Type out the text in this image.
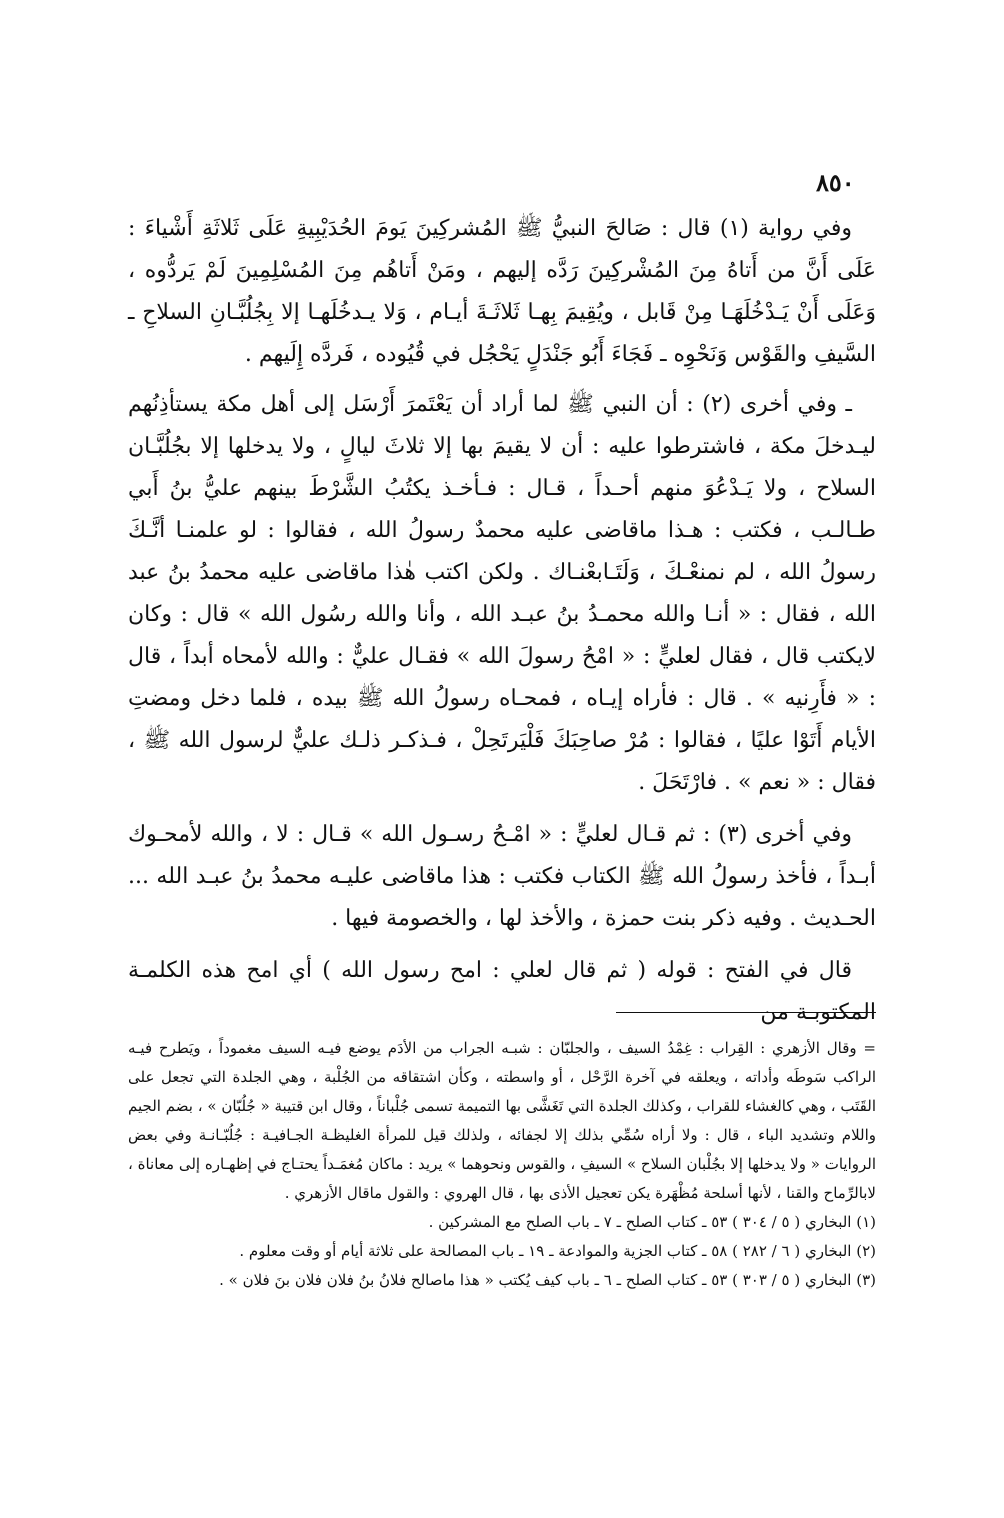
٨٥٠

وفي رواية (١) قال : صَالحَ النبيُّ ﷺ المُشركِينَ يَومَ الحُدَيْبِيةِ عَلَى ثَلاثَةِ أَشْياءَ : عَلَى أَنَّ من أَتاهُ مِنَ المُشْركِينَ رَدَّه إليهم ، ومَنْ أَتاهُم مِنَ المُسْلِمِينَ لَمْ يَردُّوه ، وَعَلَى أَنْ يَـدْخُلَهَـا مِنْ قَابل ، ويُقِيمَ بِهـا ثَلاثَـةَ أيـام ، وَلا يـدخُلَهـا إلا بِجُلُبَّـانِ السلاحِ ـ السَّيفِ والقَوْس وَنَحْوِه ـ فَجَاءَ أَبُو جَنْدَلٍ يَحْجُل في قُيُوده ، فَردَّه إِلَيهم .

ـ وفي أخرى (٢) : أن النبي ﷺ لما أراد أن يَعْتَمرَ أَرْسَل إلى أهل مكة يستأذِنُهم ليـدخلَ مكة ، فاشترطوا عليه : أن لا يقيمَ بها إلا ثلاثَ ليالٍ ، ولا يدخلها إلا بجُلُبَّـان السلاح ، ولا يَـدْعُوَ منهم أحـداً ، قـال : فـأخـذ يكتُبُ الشَّرْطَ بينهم عليُّ بنُ أَبي طـالـب ، فكتب : هـذا ماقاضى عليه محمدٌ رسولُ الله ، فقالوا : لو علمنـا أنَّـكَ رسولُ الله ، لم نمنعْـكَ ، وَلَتَـابعْنـاك . ولكن اكتب هٰذا ماقاضى عليه محمدُ بنُ عبد الله ، فقال : « أنـا والله محمـدُ بنُ عبـد الله ، وأنا والله رسُول الله » قال : وكان لايكتب قال ، فقال لعليٍّ : « امْحُ رسولَ الله » فقـال عليٌّ : والله لأمحاه أبداً ، قال : « فأَرِنيه » . قال : فأراه إيـاه ، فمحـاه رسولُ الله ﷺ بيده ، فلما دخل ومضتِ الأيام أَتَوْا عليًا ، فقالوا : مُرْ صاحِبَكَ فَلْيَرتَحِلْ ، فـذكـر ذلـك عليٌّ لرسول الله ﷺ ، فقال : « نعم » . فارْتَحَلَ .

وفي أخرى (٣) : ثم قـال لعليٍّ : « امْـحُ رسـول الله » قـال : لا ، والله لأمحـوك أبـداً ، فأخذ رسولُ الله ﷺ الكتاب فكتب : هذا ماقاضى عليـه محمدُ بنُ عبـد الله ... الحـديث . وفيه ذكر بنت حمزة ، والأخذ لها ، والخصومة فيها .

قال في الفتح : قوله ( ثم قال لعلي : امح رسول الله ) أي امح هذه الكلمـة المكتوبـة من

= وقال الأزهري : القِراب : غِمْدُ السيف ، والجلبّان : شبـه الجراب من الأدَم يوضع فيـه السيف مغموداً ، ويَطرح فيـه الراكب سَوطَه وأداته ، ويعلقه في آخرة الرَّحْل ، أو واسطته ، وكأن اشتقاقه من الجُلْبة ، وهي الجلدة التي تجعل على القَتَب ، وهي كالغشاء للقراب ، وكذلك الجلدة التي تَغَشَّى بها التميمة تسمى جُلْباناً ، وقال ابن قتيبة « جُلُبّان » ، بضم الجيم واللام وتشديد الباء ، قال : ولا أراه سُمِّي بذلك إلا لجفائه ، ولذلك قيل للمرأة الغليظـة الجـافيـة : جُلُبّـانـة وفي بعض الروايات « ولا يدخلها إلا بجُلْبان السلاح » السيفِ ، والقوس ونحوهما » يريد : ماكان مُغمَـداً يحتـاج في إظهـاره إلى معاناة ، لابالرِّماح والقنا ، لأنها أسلحة مُظْهَرة يكن تعجيل الأذى بها ، قال الهروي : والقول ماقال الأزهري .

(١) البخاري ( ٥ / ٣٠٤ ) ٥٣ ـ كتاب الصلح ـ ٧ ـ باب الصلح مع المشركين .

(٢) البخاري ( ٦ / ٢٨٢ ) ٥٨ ـ كتاب الجزية والموادعة ـ ١٩ ـ باب المصالحة على ثلاثة أيام أو وقت معلوم .

(٣) البخاري ( ٥ / ٣٠٣ ) ٥٣ ـ كتاب الصلح ـ ٦ ـ باب كيف يُكتب « هذا ماصالح فلانُ بنُ فلان فلان بنَ فلان » .
